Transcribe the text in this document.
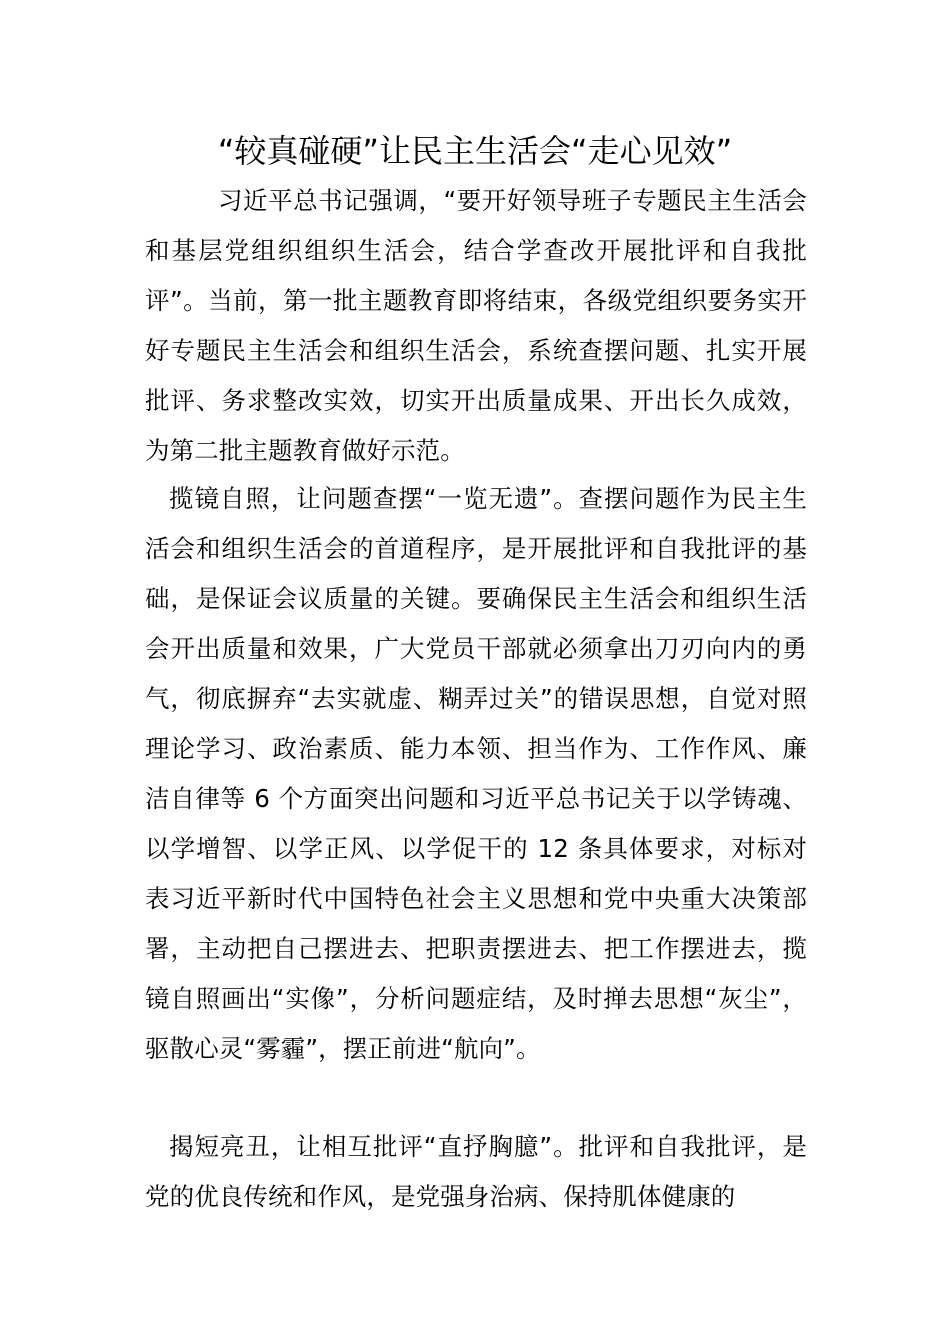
“较真碰硬”让民主生活会“走心见效”

习近平总书记强调，“要开好领导班子专题民主生活会和基层党组织组织生活会，结合学查改开展批评和自我批评”。当前，第一批主题教育即将结束，各级党组织要务实开好专题民主生活会和组织生活会，系统查摆问题、扎实开展批评、务求整改实效，切实开出质量成果、开出长久成效，为第二批主题教育做好示范。

揽镜自照，让问题查摆“一览无遗”。查摆问题作为民主生活会和组织生活会的首道程序，是开展批评和自我批评的基础，是保证会议质量的关键。要确保民主生活会和组织生活会开出质量和效果，广大党员干部就必须拿出刀刃向内的勇气，彻底摒弃“去实就虚、糊弄过关”的错误思想，自觉对照理论学习、政治素质、能力本领、担当作为、工作作风、廉洁自律等 6 个方面突出问题和习近平总书记关于以学铸魂、以学增智、以学正风、以学促干的 12 条具体要求，对标对表习近平新时代中国特色社会主义思想和党中央重大决策部署，主动把自己摆进去、把职责摆进去、把工作摆进去，揽镜自照画出“实像”，分析问题症结，及时掸去思想“灰尘”，驱散心灵“雾霾”，摆正前进“航向”。

揭短亮丑，让相互批评“直抒胸臆”。批评和自我批评，是党的优良传统和作风，是党强身治病、保持肌体健康的
